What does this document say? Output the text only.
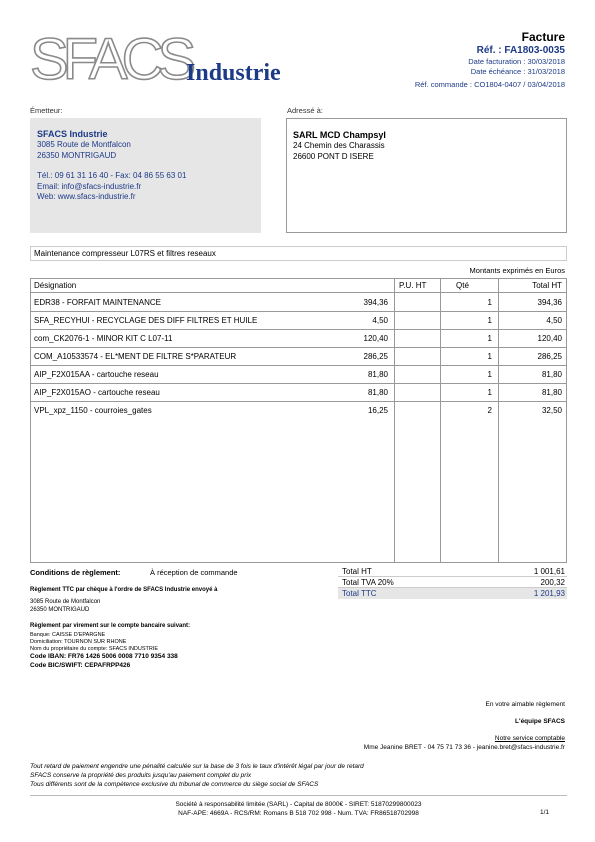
SFACS
Industrie
Facture
Réf. : FA1803-0035
Date facturation : 30/03/2018
Date échéance : 31/03/2018
Réf. commande : CO1804-0407 / 03/04/2018
Émetteur:
SFACS Industrie
3085 Route de Montfalcon
26350 MONTRIGAUD
Tél.: 09 61 31 16 40 - Fax: 04 86 55 63 01
Email: info@sfacs-industrie.fr
Web: www.sfacs-industrie.fr
Adressé à:
SARL MCD Champsyl
24 Chemin des Charassis
26600 PONT D ISERE
Maintenance compresseur L07RS et filtres reseaux
Montants exprimés en Euros
Désignation	P.U. HT	Qté	Total HT
EDR38 - FORFAIT MAINTENANCE	394,36	1	394,36
SFA_RECYHUI - RECYCLAGE DES DIFF FILTRES ET HUILE	4,50	1	4,50
com_CK2076-1 - MINOR KIT C L07-11	120,40	1	120,40
COM_A10533574 - EL*MENT DE FILTRE S*PARATEUR	286,25	1	286,25
AIP_F2X015AA - cartouche reseau	81,80	1	81,80
AIP_F2X015AO - cartouche reseau	81,80	1	81,80
VPL_xpz_1150 - courroies_gates	16,25	2	32,50
Conditions de règlement:	À réception de commande
Règlement TTC par chèque à l'ordre de SFACS Industrie envoyé à
3085 Route de Montfalcon
26350 MONTRIGAUD
Règlement par virement sur le compte bancaire suivant:
Banque: CAISSE D'EPARGNE
Domiciliation: TOURNON SUR RHONE
Nom du propriétaire du compte: SFACS INDUSTRIE
Code IBAN: FR76 1426 5006 0008 7710 9354 338
Code BIC/SWIFT: CEPAFRPP426
Total HT	1 001,61
Total TVA 20%	200,32
Total TTC	1 201,93
En votre aimable règlement
L'équipe SFACS
Notre service comptable
Mme Jeanine BRET - 04 75 71 73 36 - jeanine.bret@sfacs-industrie.fr
Tout retard de paiement engendre une pénalité calculée sur la base de 3 fois le taux d'intérêt légal par jour de retard
SFACS conserve la propriété des produits jusqu'au paiement complet du prix
Tous différents sont de la compétence exclusive du tribunal de commerce du siège social de SFACS
Société à responsabilité limitée (SARL) - Capital de 8000€ - SIRET: 51870299800023
NAF-APE: 4669A - RCS/RM: Romans B 518 702 998 - Num. TVA: FR86518702998	1/1
